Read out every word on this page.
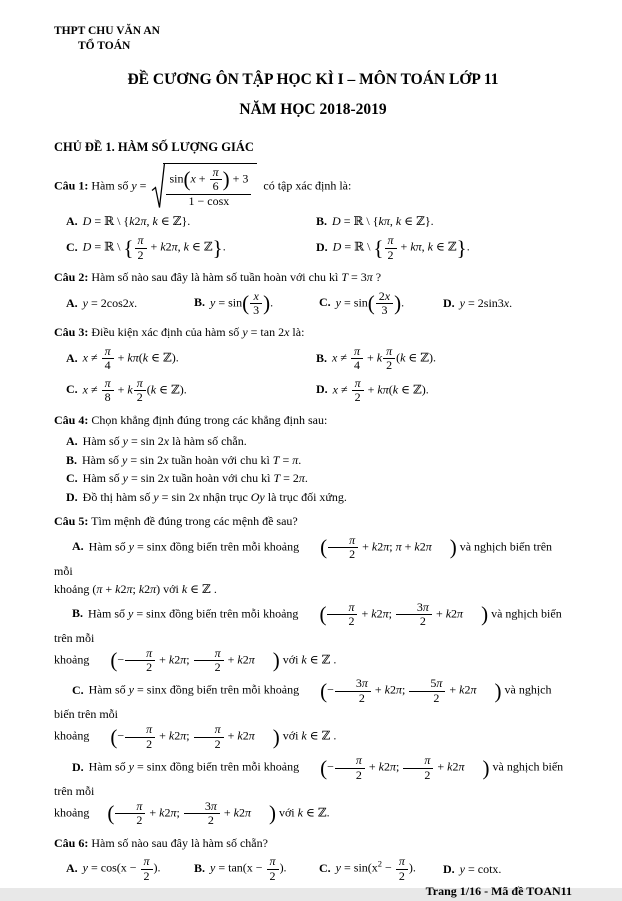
THPT CHU VĂN AN
TỔ TOÁN
ĐỀ CƯƠNG ÔN TẬP HỌC KÌ I – MÔN TOÁN LỚP 11
NĂM HỌC 2018-2019
CHỦ ĐỀ 1. HÀM SỐ LƯỢNG GIÁC

Câu 1: Hàm số $y = \frac{\sin(x + \frac{\pi}{6} ) + 3}{1 - \cos x}$ có tập xác định là:

A. D = ℝ \ {k2π, k ∈ ℤ}.	B. D = ℝ \ {kπ, k ∈ ℤ}.
C. D = ℝ \ { $\frac{\pi}{2} + k2\pi$, k ∈ ℤ}.	D. D = ℝ \ { $\frac{\pi}{2} + k\pi$, k ∈ ℤ}.

Câu 2: Hàm số nào sau đây là hàm số tuần hoàn với chu kì T = 3π ?

A. y = 2cos2x.	B. $y = \sin( \frac{x}{3}$ ).	C. $y = \sin( \frac{2x}{3}$ ).	D. y = 2sin3x.

Câu 3: Điều kiện xác định của hàm số y = tan 2x là:

A. $x \ne \frac{\pi}{4} + k\pi(k$ ∈ ℤ).	B. $x \ne \frac{\pi}{4} + k \frac{\pi}{2} (k$ ∈ ℤ).
C. $x \ne \frac{\pi}{8} + k \frac{\pi}{2} (k$ ∈ ℤ).	D. $x \ne \frac{\pi}{2} + k\pi(k$ ∈ ℤ).

Câu 4: Chọn khẳng định đúng trong các khẳng định sau:

A. Hàm số y = sin 2x là hàm số chẵn.
B. Hàm số y = sin 2x tuần hoàn với chu kì T = π.
C. Hàm số y = sin 2x tuần hoàn với chu kì T = 2π.
D. Đồ thị hàm số y = sin 2x nhận trục Oy là trục đối xứng.

Câu 5: Tìm mệnh đề đúng trong các mệnh đề sau?

A. Hàm số y = sinx đồng biến trên mỗi khoảng ( $\frac{\pi}{2} + k2\pi$; π + k2π ) và nghịch biến trên mỗi
khoảng (π + k2π; k2π) với k ∈ ℤ .

B. Hàm số y = sinx đồng biến trên mỗi khoảng ( $\frac{\pi}{2} + k2\pi$; $\frac{3\pi}{2} + k2\pi$ ) và nghịch biến trên mỗi
khoảng (− $\frac{\pi}{2} + k2\pi$; $\frac{\pi}{2} + k2\pi$ ) với k ∈ ℤ .

C. Hàm số y = sinx đồng biến trên mỗi khoảng (− $\frac{3\pi}{2} + k2\pi$; $\frac{5\pi}{2} + k2\pi$ ) và nghịch biến trên mỗi
khoảng (− $\frac{\pi}{2} + k2\pi$; $\frac{\pi}{2} + k2\pi$ ) với k ∈ ℤ .

D. Hàm số y = sinx đồng biến trên mỗi khoảng (− $\frac{\pi}{2} + k2\pi$; $\frac{\pi}{2} + k2\pi$ ) và nghịch biến trên mỗi
khoảng ( $\frac{\pi}{2} + k2\pi$; $\frac{3\pi}{2} + k2\pi$ ) với k ∈ ℤ.

Câu 6: Hàm số nào sau đây là hàm số chẵn?

A. $y = \cos(x - \frac{\pi}{2}$ ).	B. $y = \tan(x - \frac{\pi}{2}$ ).	C. $y = \sin(x^2 - \frac{\pi}{2}$ ).	D. y = cotx.
Trang 1/16 - Mã đề TOAN11
